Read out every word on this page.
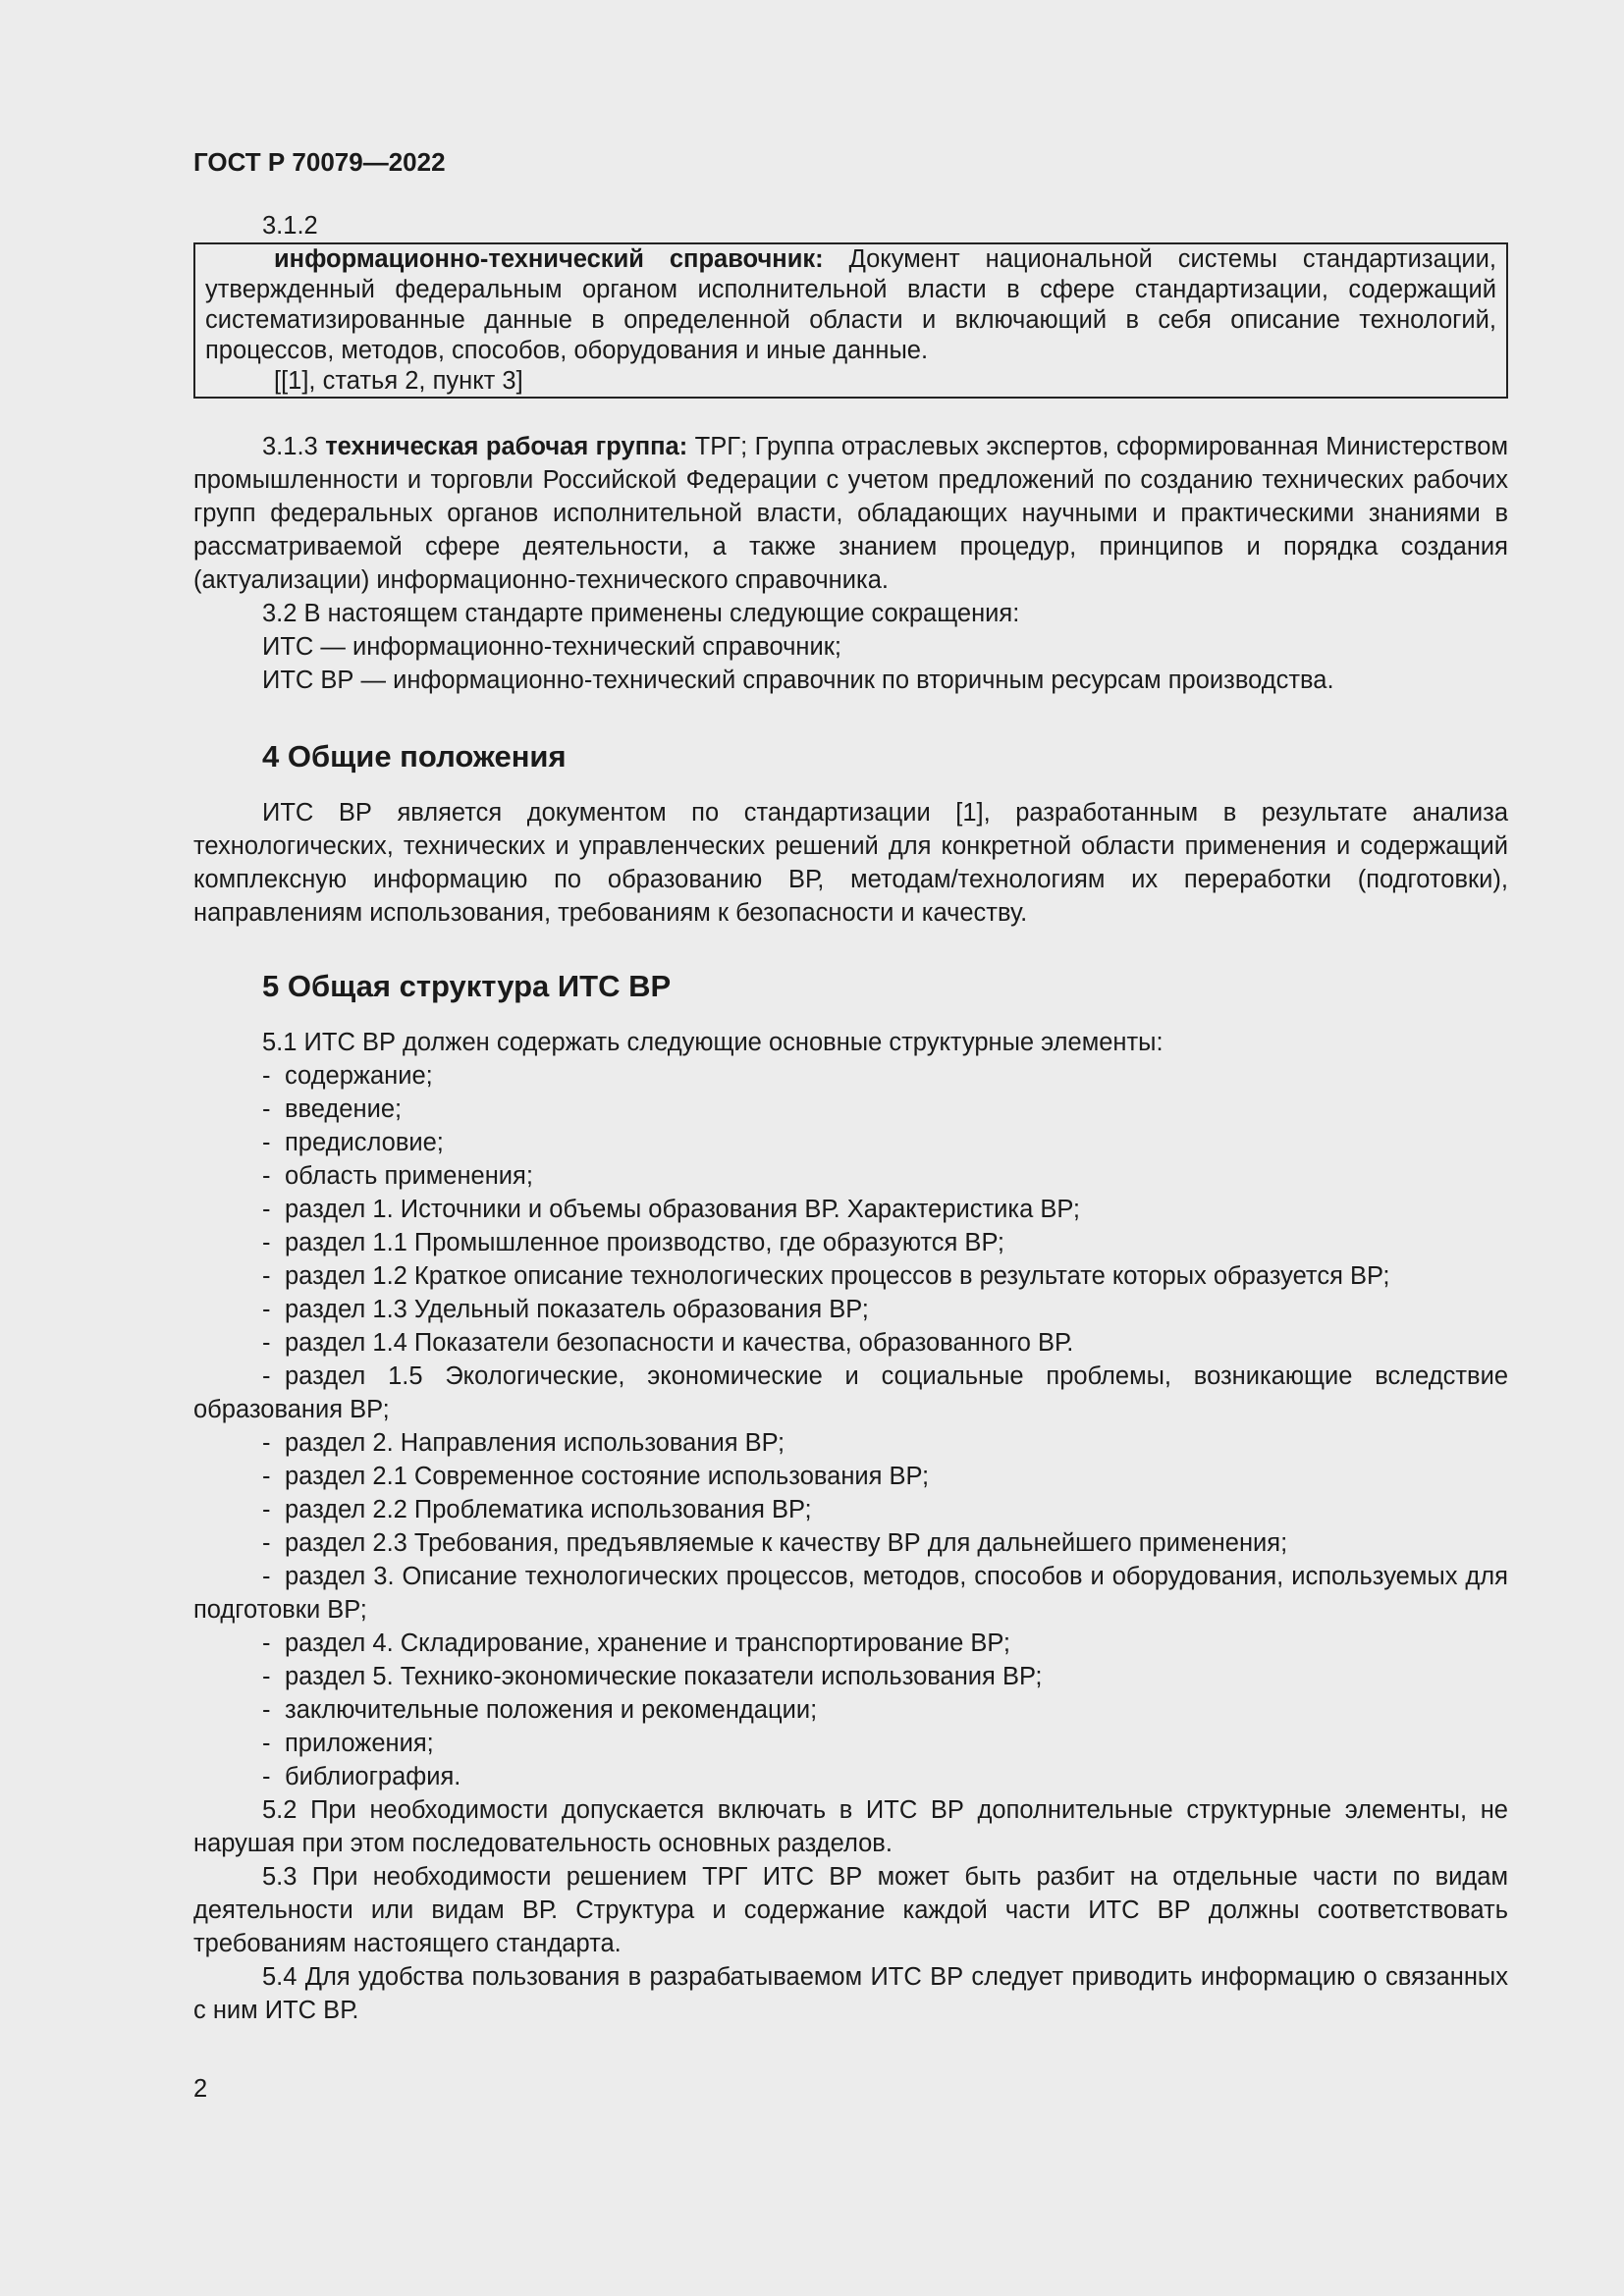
ГОСТ Р 70079—2022

3.1.2

информационно-технический справочник: Документ национальной системы стандартизации, утвержденный федеральным органом исполнительной власти в сфере стандартизации, содержащий систематизированные данные в определенной области и включающий в себя описание технологий, процессов, методов, способов, оборудования и иные данные.

[[1], статья 2, пункт 3]

3.1.3 техническая рабочая группа: ТРГ; Группа отраслевых экспертов, сформированная Министерством промышленности и торговли Российской Федерации с учетом предложений по созданию технических рабочих групп федеральных органов исполнительной власти, обладающих научными и практическими знаниями в рассматриваемой сфере деятельности, а также знанием процедур, принципов и порядка создания (актуализации) информационно-технического справочника.

3.2 В настоящем стандарте применены следующие сокращения:

ИТС — информационно-технический справочник;

ИТС ВР — информационно-технический справочник по вторичным ресурсам производства.

4 Общие положения

ИТС ВР является документом по стандартизации [1], разработанным в результате анализа технологических, технических и управленческих решений для конкретной области применения и содержащий комплексную информацию по образованию ВР, методам/технологиям их переработки (подготовки), направлениям использования, требованиям к безопасности и качеству.

5 Общая структура ИТС ВР

5.1 ИТС ВР должен содержать следующие основные структурные элементы:

- содержание;
- введение;
- предисловие;
- область применения;
- раздел 1. Источники и объемы образования ВР. Характеристика ВР;
- раздел 1.1 Промышленное производство, где образуются ВР;
- раздел 1.2 Краткое описание технологических процессов в результате которых образуется ВР;
- раздел 1.3 Удельный показатель образования ВР;
- раздел 1.4 Показатели безопасности и качества, образованного ВР.
- раздел 1.5 Экологические, экономические и социальные проблемы, возникающие вследствие образования ВР;
- раздел 2. Направления использования ВР;
- раздел 2.1 Современное состояние использования ВР;
- раздел 2.2 Проблематика использования ВР;
- раздел 2.3 Требования, предъявляемые к качеству ВР для дальнейшего применения;
- раздел 3. Описание технологических процессов, методов, способов и оборудования, используемых для подготовки ВР;
- раздел 4. Складирование, хранение и транспортирование ВР;
- раздел 5. Технико-экономические показатели использования ВР;
- заключительные положения и рекомендации;
- приложения;
- библиография.

5.2 При необходимости допускается включать в ИТС ВР дополнительные структурные элементы, не нарушая при этом последовательность основных разделов.

5.3 При необходимости решением ТРГ ИТС ВР может быть разбит на отдельные части по видам деятельности или видам ВР. Структура и содержание каждой части ИТС ВР должны соответствовать требованиям настоящего стандарта.

5.4 Для удобства пользования в разрабатываемом ИТС ВР следует приводить информацию о связанных с ним ИТС ВР.

2
